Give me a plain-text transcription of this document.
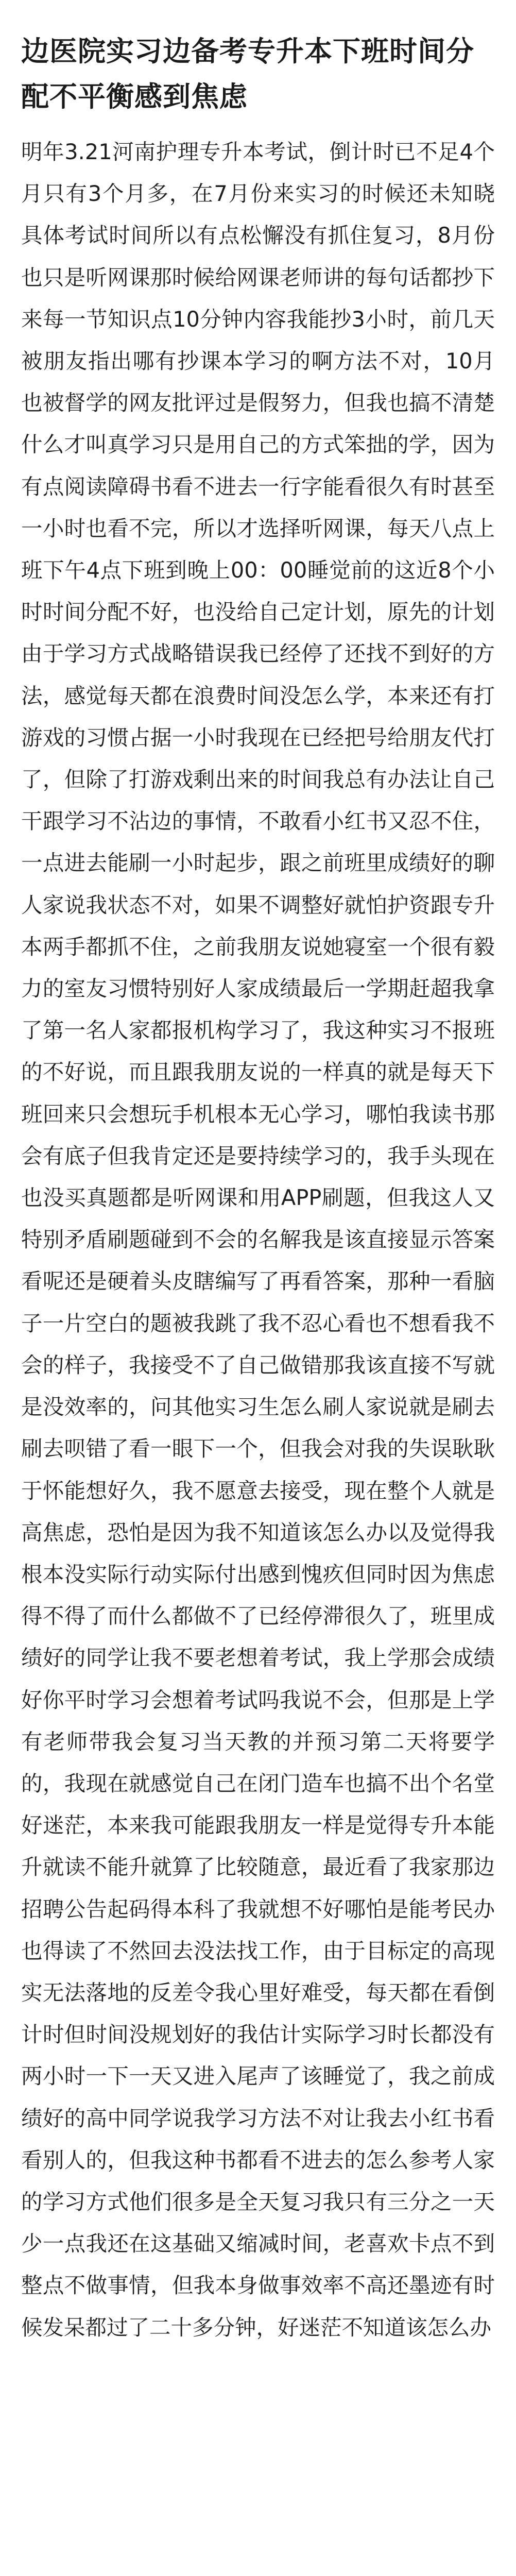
边医院实习边备考专升本下班时间分配不平衡感到焦虑
明年3.21河南护理专升本考试，倒计时已不足4个月只有3个月多，在7月份来实习的时候还未知晓具体考试时间所以有点松懈没有抓住复习，8月份也只是听网课那时候给网课老师讲的每句话都抄下来每一节知识点10分钟内容我能抄3小时，前几天被朋友指出哪有抄课本学习的啊方法不对，10月也被督学的网友批评过是假努力，但我也搞不清楚什么才叫真学习只是用自己的方式笨拙的学，因为有点阅读障碍书看不进去一行字能看很久有时甚至一小时也看不完，所以才选择听网课，每天八点上班下午4点下班到晚上00：00睡觉前的这近8个小时时间分配不好，也没给自己定计划，原先的计划由于学习方式战略错误我已经停了还找不到好的方法，感觉每天都在浪费时间没怎么学，本来还有打游戏的习惯占据一小时我现在已经把号给朋友代打了，但除了打游戏剩出来的时间我总有办法让自己干跟学习不沾边的事情，不敢看小红书又忍不住，一点进去能刷一小时起步，跟之前班里成绩好的聊人家说我状态不对，如果不调整好就怕护资跟专升本两手都抓不住，之前我朋友说她寝室一个很有毅力的室友习惯特别好人家成绩最后一学期赶超我拿了第一名人家都报机构学习了，我这种实习不报班的不好说，而且跟我朋友说的一样真的就是每天下班回来只会想玩手机根本无心学习，哪怕我读书那会有底子但我肯定还是要持续学习的，我手头现在也没买真题都是听网课和用APP刷题，但我这人又特别矛盾刷题碰到不会的名解我是该直接显示答案看呢还是硬着头皮瞎编写了再看答案，那种一看脑子一片空白的题被我跳了我不忍心看也不想看我不会的样子，我接受不了自己做错那我该直接不写就是没效率的，问其他实习生怎么刷人家说就是刷去刷去呗错了看一眼下一个，但我会对我的失误耿耿于怀能想好久，我不愿意去接受，现在整个人就是高焦虑，恐怕是因为我不知道该怎么办以及觉得我根本没实际行动实际付出感到愧疚但同时因为焦虑得不得了而什么都做不了已经停滞很久了，班里成绩好的同学让我不要老想着考试，我上学那会成绩好你平时学习会想着考试吗我说不会，但那是上学有老师带我会复习当天教的并预习第二天将要学的，我现在就感觉自己在闭门造车也搞不出个名堂好迷茫，本来我可能跟我朋友一样是觉得专升本能升就读不能升就算了比较随意，最近看了我家那边招聘公告起码得本科了我就想不好哪怕是能考民办也得读了不然回去没法找工作，由于目标定的高现实无法落地的反差令我心里好难受，每天都在看倒计时但时间没规划好的我估计实际学习时长都没有两小时一下一天又进入尾声了该睡觉了，我之前成绩好的高中同学说我学习方法不对让我去小红书看看别人的，但我这种书都看不进去的怎么参考人家的学习方式他们很多是全天复习我只有三分之一天少一点我还在这基础又缩减时间，老喜欢卡点不到整点不做事情，但我本身做事效率不高还墨迹有时候发呆都过了二十多分钟，好迷茫不知道该怎么办
